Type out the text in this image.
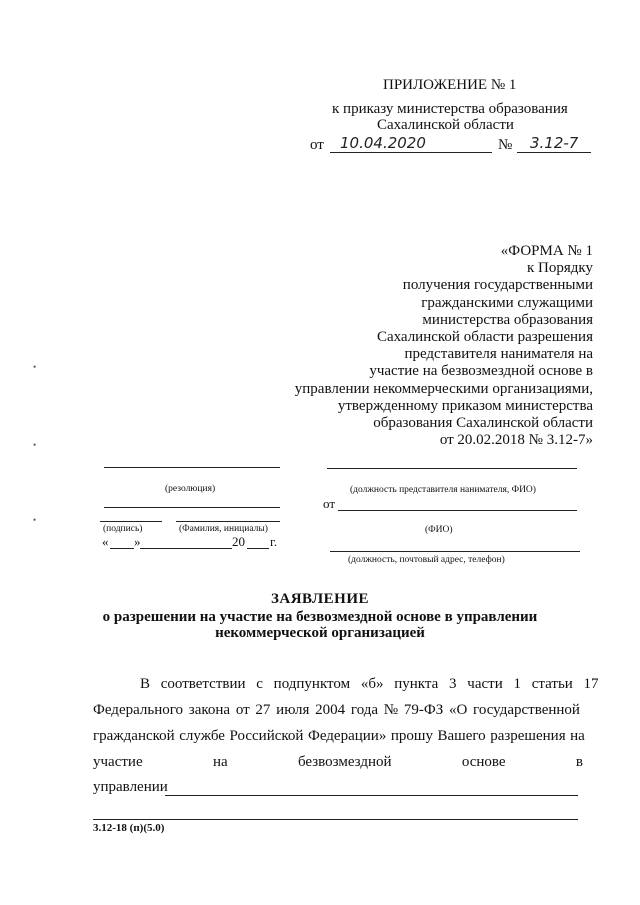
ПРИЛОЖЕНИЕ № 1
к приказу министерства образования
Сахалинской области
от 10.04.2020	№ 3.12-7
«ФОРМА № 1
к Порядку
получения государственными
гражданскими служащими
министерства образования
Сахалинской области разрешения
представителя нанимателя на
участие на безвозмездной основе в
управлении некоммерческими организациями,
утвержденному приказом министерства
образования Сахалинской области
от 20.02.2018 № 3.12-7»
•
•
•
(резолюция)
(подпись)	(Фамилия, инициалы)
« »	20 г.
(должность представителя нанимателя, ФИО)
от
(ФИО)
(должность, почтовый адрес, телефон)
ЗАЯВЛЕНИЕ
о разрешении на участие на безвозмездной основе в управлении
некоммерческой организацией
В соответствии с подпунктом «б» пункта 3 части 1 статьи 17
Федерального закона от 27 июля 2004 года № 79-ФЗ «О государственной
гражданской службе Российской Федерации» прошу Вашего разрешения на
участие	на	безвозмездной	основе	в
управлении
3.12-18 (п)(5.0)
